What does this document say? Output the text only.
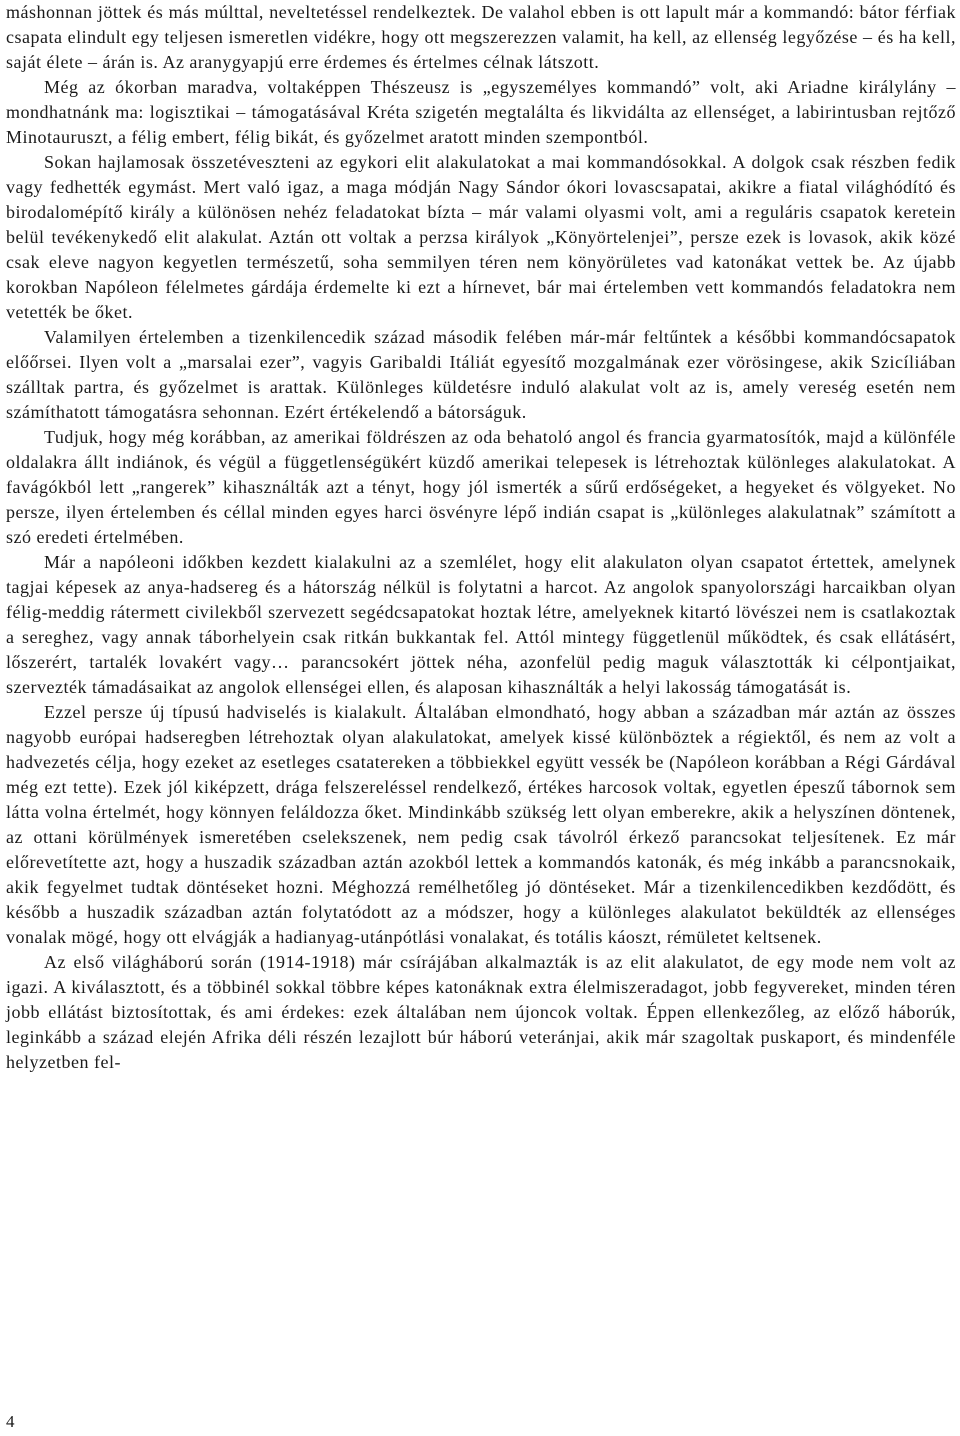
máshonnan jöttek és más múlttal, neveltetéssel rendelkeztek. De valahol ebben is ott lapult már a kommandó: bátor férfiak csapata elindult egy teljesen ismeretlen vidékre, hogy ott megszerezzen valamit, ha kell, az ellenség legyőzése – és ha kell, saját élete – árán is. Az aranygyapjú erre érdemes és értelmes célnak látszott.

Még az ókorban maradva, voltaképpen Thészeusz is „egyszemélyes kommandó” volt, aki Ariadne királylány – mondhatnánk ma: logisztikai – támogatásával Kréta szigetén megtalálta és likvidálta az ellenséget, a labirintusban rejtőző Minotauruszt, a félig embert, félig bikát, és győzelmet aratott minden szempontból.

Sokan hajlamosak összetéveszteni az egykori elit alakulatokat a mai kommandósokkal. A dolgok csak részben fedik vagy fedhették egymást. Mert való igaz, a maga módján Nagy Sándor ókori lovascsapatai, akikre a fiatal világhódító és birodalomépítő király a különösen nehéz feladatokat bízta – már valami olyasmi volt, ami a reguláris csapatok keretein belül tevékenykedő elit alakulat. Aztán ott voltak a perzsa királyok „Könyörtelenjei”, persze ezek is lovasok, akik közé csak eleve nagyon kegyetlen természetű, soha semmilyen téren nem könyörületes vad katonákat vettek be. Az újabb korokban Napóleon félelmetes gárdája érdemelte ki ezt a hírnevet, bár mai értelemben vett kommandós feladatokra nem vetették be őket.

Valamilyen értelemben a tizenkilencedik század második felében már-már feltűntek a későbbi kommandócsapatok előőrsei. Ilyen volt a „marsalai ezer”, vagyis Garibaldi Itáliát egyesítő mozgalmának ezer vörösingese, akik Szicíliában szálltak partra, és győzelmet is arattak. Különleges küldetésre induló alakulat volt az is, amely vereség esetén nem számíthatott támogatásra sehonnan. Ezért értékelendő a bátorságuk.

Tudjuk, hogy még korábban, az amerikai földrészen az oda behatoló angol és francia gyarmatosítók, majd a különféle oldalakra állt indiánok, és végül a függetlenségükért küzdő amerikai telepesek is létrehoztak különleges alakulatokat. A favágókból lett „rangerek” kihasználták azt a tényt, hogy jól ismerték a sűrű erdőségeket, a hegyeket és völgyeket. No persze, ilyen értelemben és céllal minden egyes harci ösvényre lépő indián csapat is „különleges alakulatnak” számított a szó eredeti értelmében.

Már a napóleoni időkben kezdett kialakulni az a szemlélet, hogy elit alakulaton olyan csapatot értettek, amelynek tagjai képesek az anya-hadsereg és a hátország nélkül is folytatni a harcot. Az angolok spanyolországi harcaikban olyan félig-meddig rátermett civilekből szervezett segédcsapatokat hoztak létre, amelyeknek kitartó lövészei nem is csatlakoztak a sereghez, vagy annak táborhelyein csak ritkán bukkantak fel. Attól mintegy függetlenül működtek, és csak ellátásért, lőszerért, tartalék lovakért vagy… parancsokért jöttek néha, azonfelül pedig maguk választották ki célpontjaikat, szervezték támadásaikat az angolok ellenségei ellen, és alaposan kihasználták a helyi lakosság támogatását is.

Ezzel persze új típusú hadviselés is kialakult. Általában elmondható, hogy abban a században már aztán az összes nagyobb európai hadseregben létrehoztak olyan alakulatokat, amelyek kissé különböztek a régiektől, és nem az volt a hadvezetés célja, hogy ezeket az esetleges csatatereken a többiekkel együtt vessék be (Napóleon korábban a Régi Gárdával még ezt tette). Ezek jól kiképzett, drága felszereléssel rendelkező, értékes harcosok voltak, egyetlen épeszű tábornok sem látta volna értelmét, hogy könnyen feláldozza őket. Mindinkább szükség lett olyan emberekre, akik a helyszínen döntenek, az ottani körülmények ismeretében cselekszenek, nem pedig csak távolról érkező parancsokat teljesítenek. Ez már előrevetítette azt, hogy a huszadik században aztán azokból lettek a kommandós katonák, és még inkább a parancsnokaik, akik fegyelmet tudtak döntéseket hozni. Méghozzá remélhetőleg jó döntéseket. Már a tizenkilencedikben kezdődött, és később a huszadik században aztán folytatódott az a módszer, hogy a különleges alakulatot beküldték az ellenséges vonalak mögé, hogy ott elvágják a hadianyag-utánpótlási vonalakat, és totális káoszt, rémületet keltsenek.

Az első világháború során (1914-1918) már csírájában alkalmazták is az elit alakulatot, de egy mode nem volt az igazi. A kiválasztott, és a többinél sokkal többre képes katonáknak extra élelmiszeradagot, jobb fegyvereket, minden téren jobb ellátást biztosítottak, és ami érdekes: ezek általában nem újoncok voltak. Éppen ellenkezőleg, az előző háborúk, leginkább a század elején Afrika déli részén lezajlott búr háború veteránjai, akik már szagoltak puskaport, és mindenféle helyzetben fel-

4
